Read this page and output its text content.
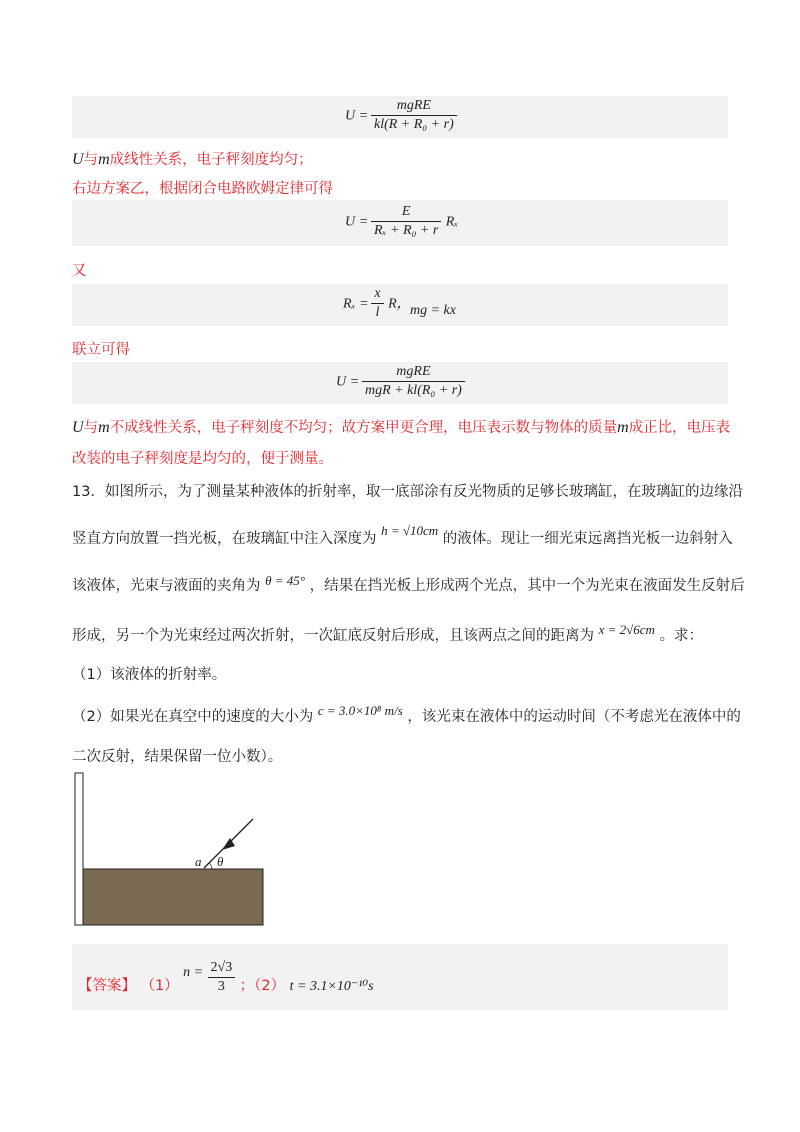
$U = \frac{\text{mgRE}}{\text{kl(R + R₀ + r)}}$
U与m成线性关系，电子秤刻度均匀；
右边方案乙，根据闭合电路欧姆定律可得
$U = \frac{E}{\text{Rₓ + R₀ + r}}$ Rₓ
又
$R_x = \frac{x}{l}$ R， mg = kx
联立可得
$U = \frac{\text{mgRE}}{\text{mgR + kl(R₀ + r)}}$
U与m不成线性关系，电子秤刻度不均匀；故方案甲更合理，电压表示数与物体的质量m成正比，电压表
改装的电子秤刻度是均匀的，便于测量。
13．如图所示，为了测量某种液体的折射率，取一底部涂有反光物质的足够长玻璃缸，在玻璃缸的边缘沿
竖直方向放置一挡光板，在玻璃缸中注入深度为 h = √10cm 的液体。现让一细光束远离挡光板一边斜射入
该液体，光束与液面的夹角为 θ = 45° ，结果在挡光板上形成两个光点，其中一个为光束在液面发生反射后
形成，另一个为光束经过两次折射，一次缸底反射后形成，且该两点之间的距离为 x = 2√6cm 。求：
（1）该液体的折射率。
（2）如果光在真空中的速度的大小为 c = 3.0×10⁸ m/s ，该光束在液体中的运动时间（不考虑光在液体中的
二次反射，结果保留一位小数）。
a θ
【答案】 （1） $n = \frac{2√3}{3}$ ；（2） t = 3.1×10⁻¹⁰s
